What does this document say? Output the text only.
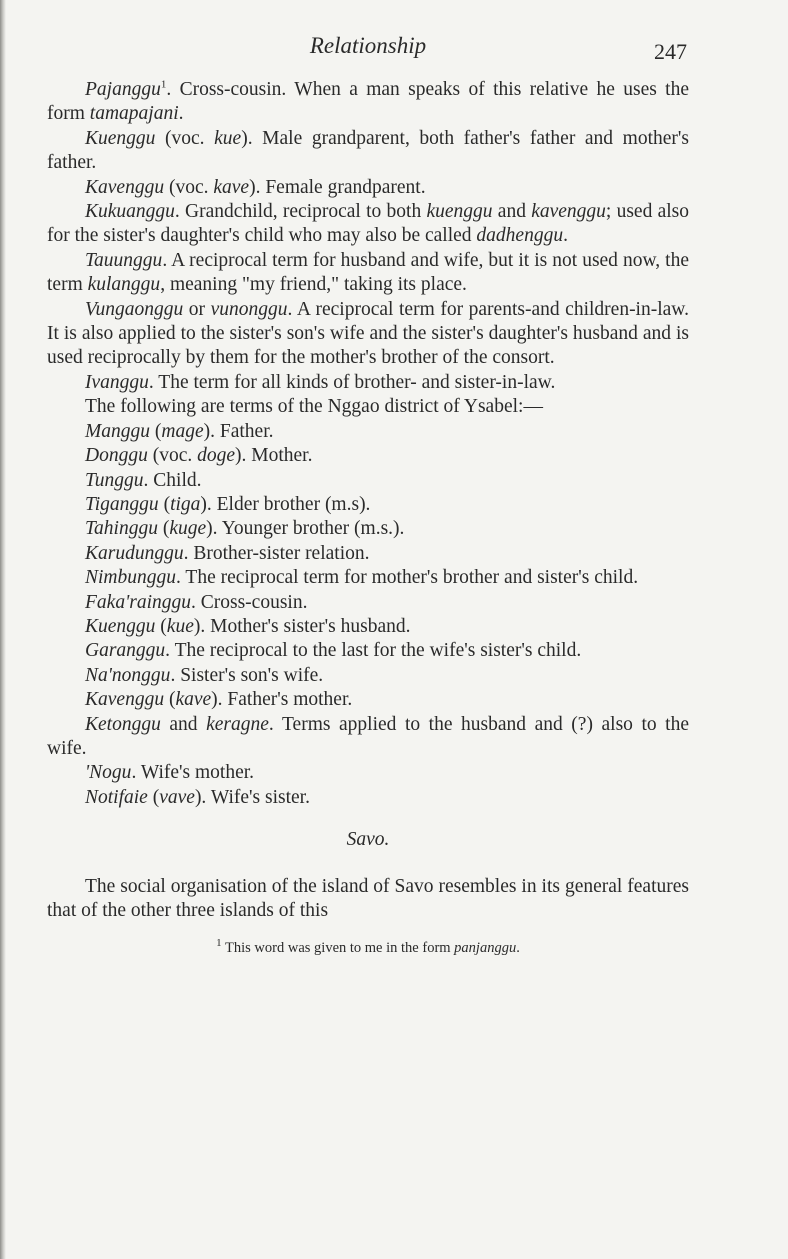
Relationship	247

Pajanggu$^1$. Cross-cousin. When a man speaks of this relative he uses the form tamapajani.

Kuenggu (voc. kue). Male grandparent, both father's father and mother's father.

Kavenggu (voc. kave). Female grandparent.

Kukuanggu. Grandchild, reciprocal to both kuenggu and kavenggu; used also for the sister's daughter's child who may also be called dadhenggu.

Tauunggu. A reciprocal term for husband and wife, but it is not used now, the term kulanggu, meaning "my friend," taking its place.

Vungaonggu or vunonggu. A reciprocal term for parents-and children-in-law. It is also applied to the sister's son's wife and the sister's daughter's husband and is used reciprocally by them for the mother's brother of the consort.

Ivanggu. The term for all kinds of brother- and sister-in-law.

The following are terms of the Nggao district of Ysabel:—

Manggu (mage). Father.

Donggu (voc. doge). Mother.

Tunggu. Child.

Tiganggu (tiga). Elder brother (m.s).

Tahinggu (kuge). Younger brother (m.s.).

Karudunggu. Brother-sister relation.

Nimbunggu. The reciprocal term for mother's brother and sister's child.

Faka'rainggu. Cross-cousin.

Kuenggu (kue). Mother's sister's husband.

Garanggu. The reciprocal to the last for the wife's sister's child.

Na'nonggu. Sister's son's wife.

Kavenggu (kave). Father's mother.

Ketonggu and keragne. Terms applied to the husband and (?) also to the wife.

'Nogu. Wife's mother.

Notifaie (vave). Wife's sister.

Savo.

The social organisation of the island of Savo resembles in its general features that of the other three islands of this

$^1$ This word was given to me in the form panjanggu.
